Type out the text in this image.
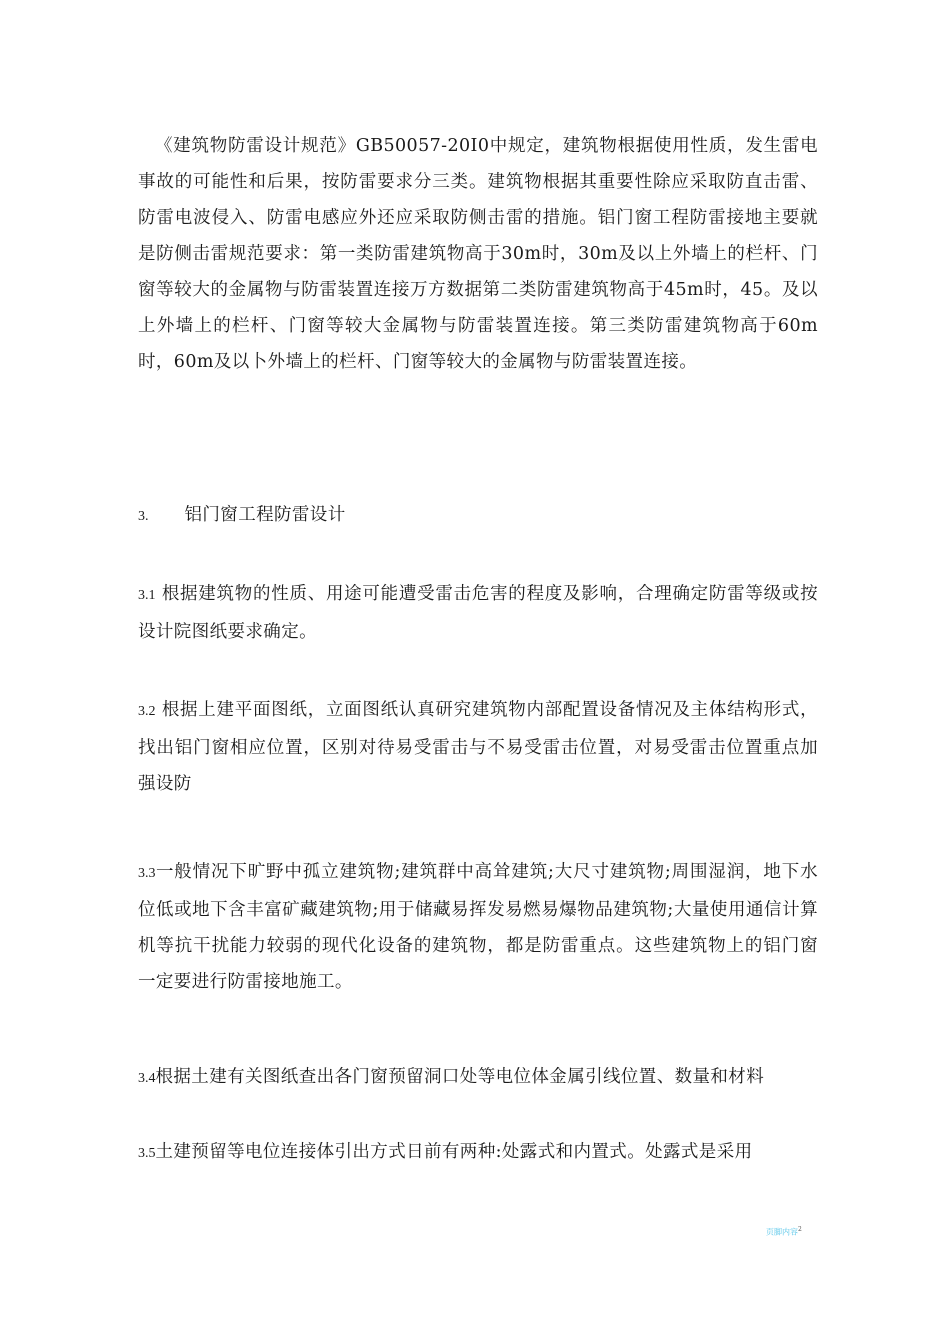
《建筑物防雷设计规范》GB50057-20I0中规定，建筑物根据使用性质，发生雷电事故的可能性和后果，按防雷要求分三类。建筑物根据其重要性除应采取防直击雷、防雷电波侵入、防雷电感应外还应采取防侧击雷的措施。铝门窗工程防雷接地主要就是防侧击雷规范要求：第一类防雷建筑物高于30m时，30m及以上外墙上的栏杆、门窗等较大的金属物与防雷装置连接万方数据第二类防雷建筑物高于45m时，45。及以上外墙上的栏杆、门窗等较大金属物与防雷装置连接。第三类防雷建筑物高于60m时，60m及以卜外墙上的栏杆、门窗等较大的金属物与防雷装置连接。

3. 铝门窗工程防雷设计

3.1 根据建筑物的性质、用途可能遭受雷击危害的程度及影响，合理确定防雷等级或按设计院图纸要求确定。

3.2 根据上建平面图纸，立面图纸认真研究建筑物内部配置设备情况及主体结构形式，找出铝门窗相应位置，区别对待易受雷击与不易受雷击位置，对易受雷击位置重点加强设防

3.3一般情况下旷野中孤立建筑物;建筑群中高耸建筑;大尺寸建筑物;周围湿润，地下水位低或地下含丰富矿藏建筑物;用于储藏易挥发易燃易爆物品建筑物;大量使用通信计算机等抗干扰能力较弱的现代化设备的建筑物，都是防雷重点。这些建筑物上的铝门窗一定要进行防雷接地施工。

3.4根据土建有关图纸查出各门窗预留洞口处等电位体金属引线位置、数量和材料

3.5土建预留等电位连接体引出方式日前有两种:处露式和内置式。处露式是采用

页脚内容$^2$
